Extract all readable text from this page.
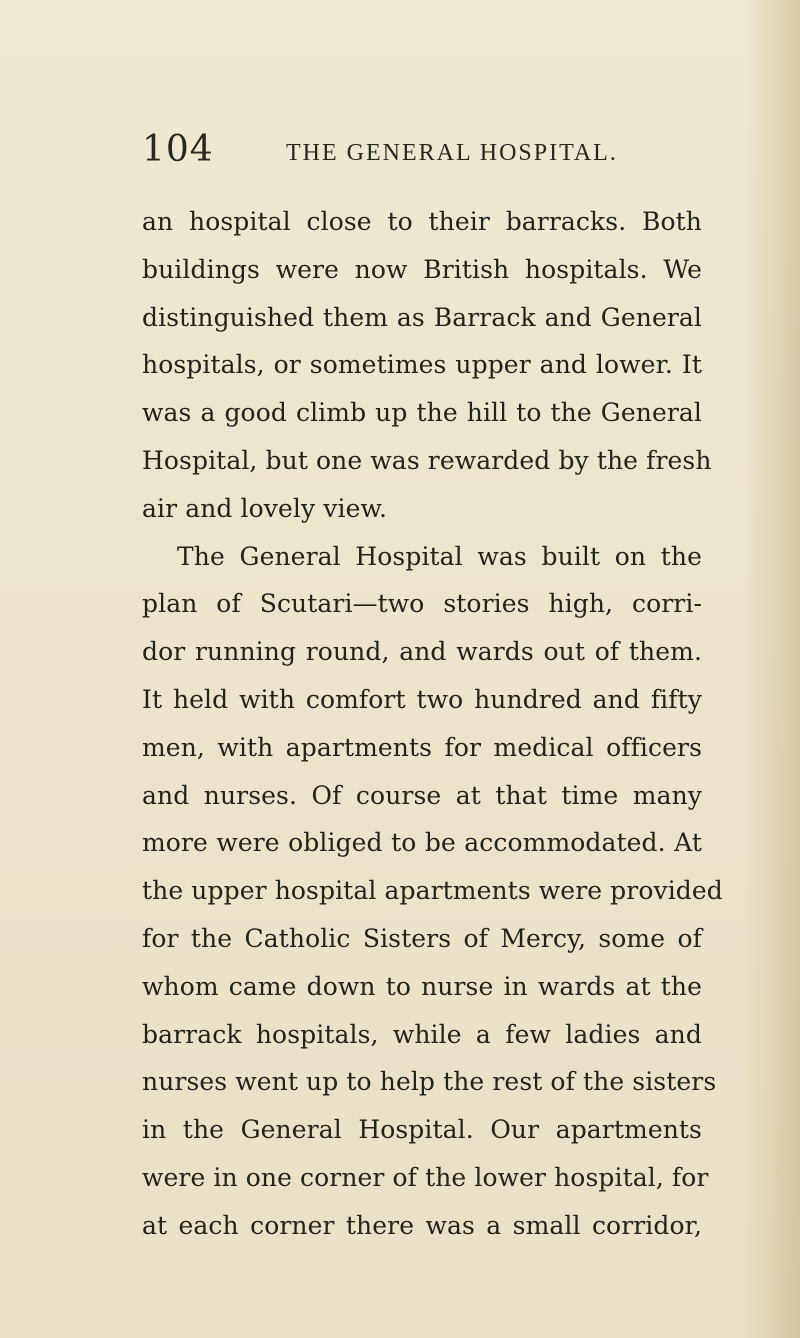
104	THE GENERAL HOSPITAL.
an hospital close to their barracks. Both
buildings were now British hospitals. We
distinguished them as Barrack and General
hospitals, or sometimes upper and lower. It
was a good climb up the hill to the General
Hospital, but one was rewarded by the fresh
air and lovely view.
The General Hospital was built on the
plan of Scutari—two stories high, corri-
dor running round, and wards out of them.
It held with comfort two hundred and fifty
men, with apartments for medical officers
and nurses. Of course at that time many
more were obliged to be accommodated. At
the upper hospital apartments were provided
for the Catholic Sisters of Mercy, some of
whom came down to nurse in wards at the
barrack hospitals, while a few ladies and
nurses went up to help the rest of the sisters
in the General Hospital. Our apartments
were in one corner of the lower hospital, for
at each corner there was a small corridor,
